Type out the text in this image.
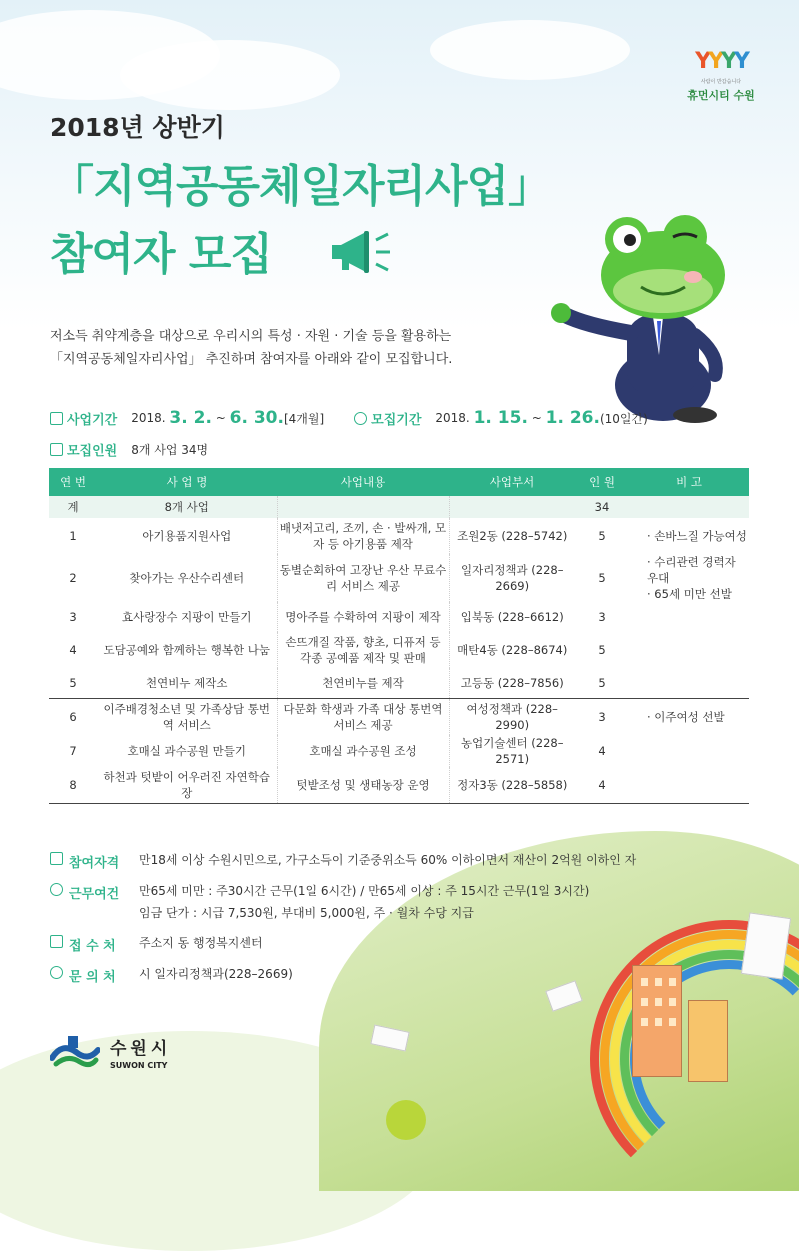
YYYY
사람이 반갑습니다
휴먼시티 수원
2018년 상반기
「지역공동체일자리사업」
참여자 모집
저소득 취약계층을 대상으로 우리시의 특성 · 자원 · 기술 등을 활용하는
「지역공동체일자리사업」 추진하며 참여자를 아래와 같이 모집합니다.
사업기간 2018.
3. 2.
~
6. 30. [4개월]	모집기간 2018.
1. 15.
~
1. 26. (10일간)
모집인원 8개 사업 34명
연 번	사 업 명	사업내용	사업부서	인 원	비 고
계	8개 사업			34	
1	아기용품지원사업	배냇저고리, 조끼, 손 · 발싸개, 모자 등 아기용품 제작	조원2동 (228–5742)	5	· 손바느질 가능여성
2	찾아가는 우산수리센터	동별순회하여 고장난 우산 무료수리 서비스 제공	일자리정책과 (228–2669)	5	· 수리관련 경력자 우대
· 65세 미만 선발
3	효사랑장수 지팡이 만들기	명아주를 수확하여 지팡이 제작	입북동 (228–6612)	3	
4	도담공예와 함께하는 행복한 나눔	손뜨개질 작품, 향초, 디퓨저 등 각종 공예품 제작 및 판매	매탄4동 (228–8674)	5	
5	천연비누 제작소	천연비누를 제작	고등동 (228–7856)	5	
6	이주배경청소년 및 가족상담 통번역 서비스	다문화 학생과 가족 대상 통번역 서비스 제공	여성정책과 (228–2990)	3	· 이주여성 선발
7	호매실 과수공원 만들기	호매실 과수공원 조성	농업기술센터 (228–2571)	4	
8	하천과 텃밭이 어우러진 자연학습장	텃밭조성 및 생태농장 운영	정자3동 (228–5858)	4	
참여자격	만18세 이상 수원시민으로, 가구소득이 기준중위소득 60% 이하이면서 재산이 2억원 이하인 자
근무여건	만65세 미만 : 주30시간 근무(1일 6시간) / 만65세 이상 : 주 15시간 근무(1일 3시간)
임금 단가 : 시급 7,530원, 부대비 5,000원, 주 · 월차 수당 지급
접 수 처	주소지 동 행정복지센터
문 의 처	시 일자리정책과(228–2669)
수원시
SUWON CITY
